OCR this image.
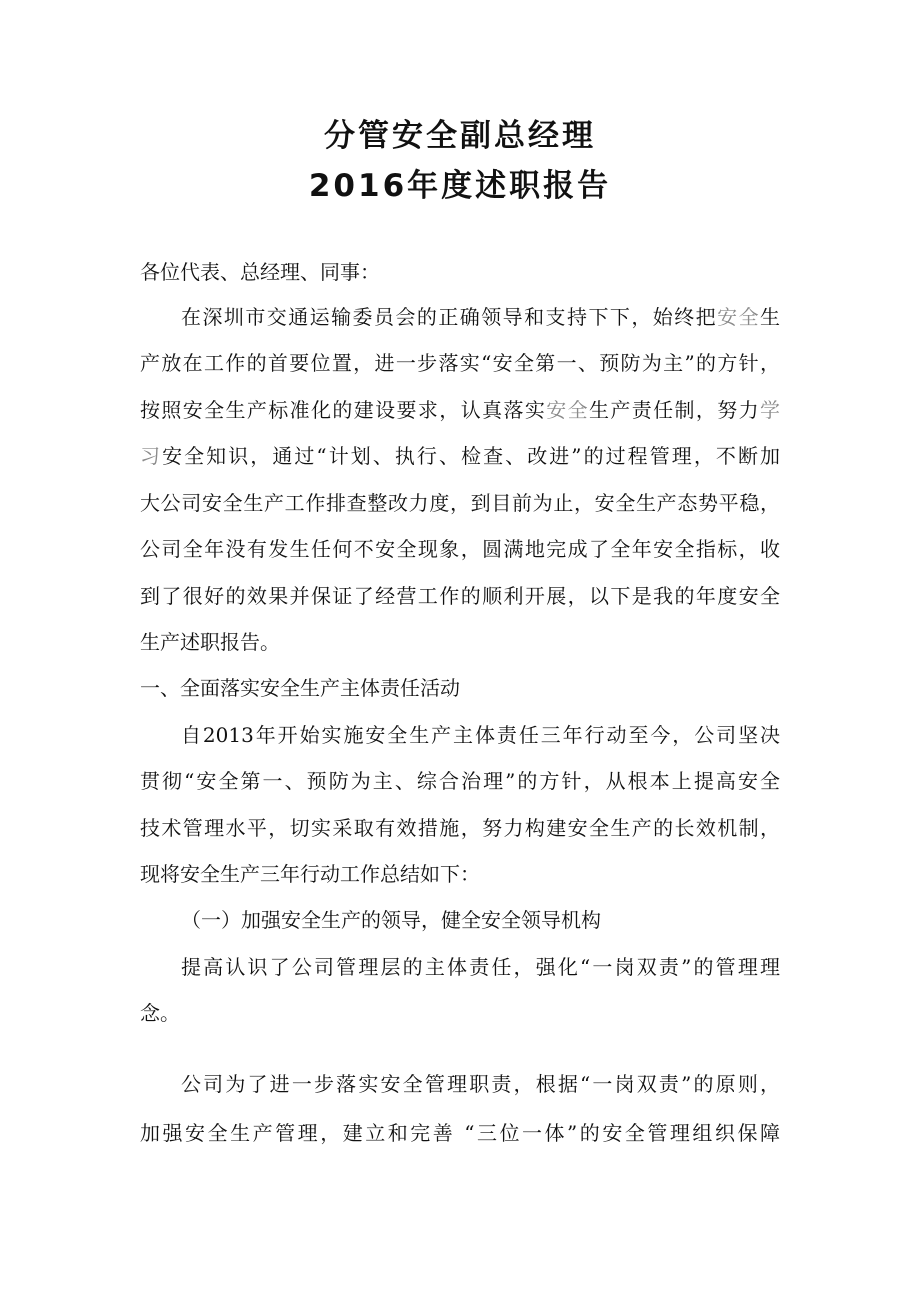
分管安全副总经理
2016年度述职报告
各位代表、总经理、同事：
在深圳市交通运输委员会的正确领导和支持下下，始终把安全生
产放在工作的首要位置，进一步落实“安全第一、预防为主”的方针，
按照安全生产标准化的建设要求，认真落实安全生产责任制，努力学
习安全知识，通过“计划、执行、检查、改进”的过程管理，不断加
大公司安全生产工作排查整改力度，到目前为止，安全生产态势平稳，
公司全年没有发生任何不安全现象，圆满地完成了全年安全指标，收
到了很好的效果并保证了经营工作的顺利开展，以下是我的年度安全
生产述职报告。
一、全面落实安全生产主体责任活动
自2013年开始实施安全生产主体责任三年行动至今，公司坚决
贯彻“安全第一、预防为主、综合治理”的方针，从根本上提高安全
技术管理水平，切实采取有效措施，努力构建安全生产的长效机制，
现将安全生产三年行动工作总结如下：
（一）加强安全生产的领导，健全安全领导机构
提高认识了公司管理层的主体责任，强化“一岗双责”的管理理
念。
公司为了进一步落实安全管理职责，根据“一岗双责”的原则，
加强安全生产管理，建立和完善 “三位一体”的安全管理组织保障
